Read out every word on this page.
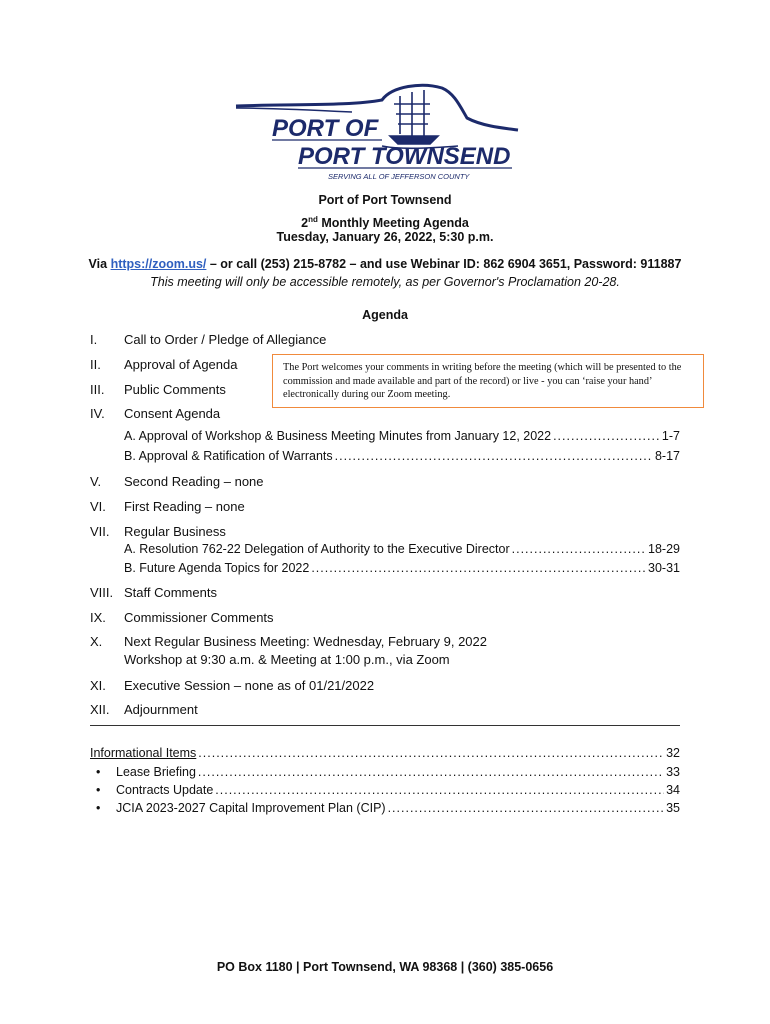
PORT OF
PORT TOWNSEND
SERVING ALL OF JEFFERSON COUNTY
Port of Port Townsend
2nd Monthly Meeting Agenda
Tuesday, January 26, 2022, 5:30 p.m.
Via https://zoom.us/ – or call (253) 215-8782 – and use Webinar ID: 862 6904 3651, Password: 911887
This meeting will only be accessible remotely, as per Governor's Proclamation 20-28.
Agenda
I.	Call to Order / Pledge of Allegiance
II.	Approval of Agenda
III.	Public Comments
IV.	Consent Agenda
The Port welcomes your comments in writing before the meeting (which will be presented to the commission and made available and part of the record) or live - you can ‘raise your hand’ electronically during our Zoom meeting.
A. Approval of Workshop & Business Meeting Minutes from January 12, 2022 .....	1-7
B. Approval & Ratification of Warrants .....	8-17
V.	Second Reading – none
VI.	First Reading – none
VII.	Regular Business
A. Resolution 762-22 Delegation of Authority to the Executive Director .....	18-29
B. Future Agenda Topics for 2022 .....	30-31
VIII. Staff Comments
IX.	Commissioner Comments
X.	Next Regular Business Meeting: Wednesday, February 9, 2022
Workshop at 9:30 a.m. & Meeting at 1:00 p.m., via Zoom
XI.	Executive Session – none as of 01/21/2022
XII.	Adjournment
Informational Items .....	32
• Lease Briefing .....	33
• Contracts Update .....	34
• JCIA 2023-2027 Capital Improvement Plan (CIP) .....	35
PO Box 1180 | Port Townsend, WA 98368 | (360) 385-0656
